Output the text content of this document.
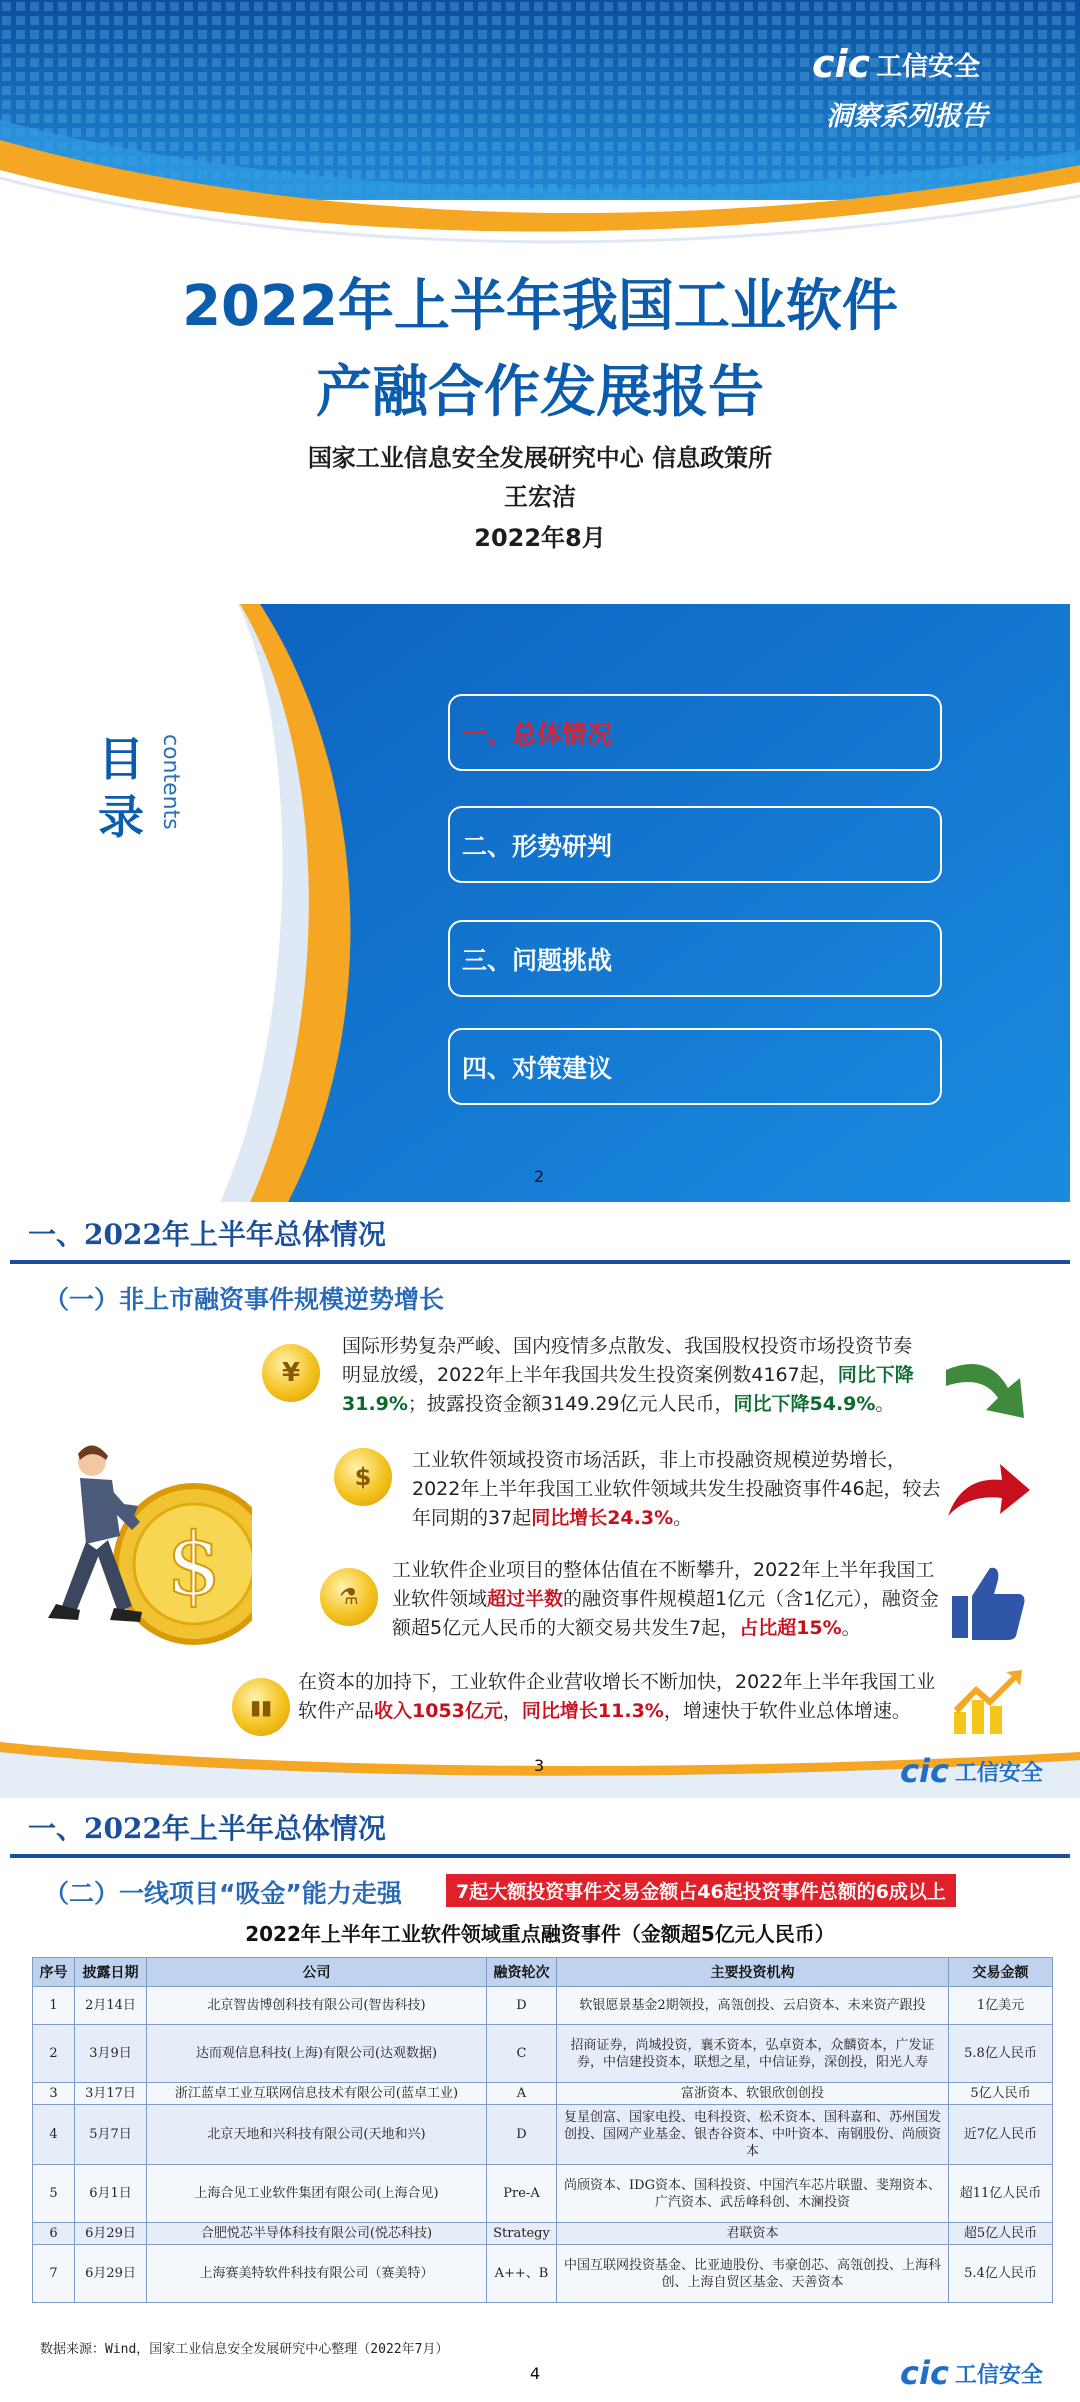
cic 工信安全
洞察系列报告
2022年上半年我国工业软件
产融合作发展报告
国家工业信息安全发展研究中心 信息政策所
王宏洁
2022年8月
目录 contents	一、总体情况
二、形势研判
三、问题挑战
四、对策建议
2
一、2022年上半年总体情况
（一）非上市融资事件规模逆势增长
$
¥
国际形势复杂严峻、国内疫情多点散发、我国股权投资市场投资节奏明显放缓，2022年上半年我国共发生投资案例数4167起，同比下降31.9%；披露投资金额3149.29亿元人民币，同比下降54.9%。
$
工业软件领域投资市场活跃，非上市投融资规模逆势增长，2022年上半年我国工业软件领域共发生投融资事件46起，较去年同期的37起同比增长24.3%。
⚗
工业软件企业项目的整体估值在不断攀升，2022年上半年我国工业软件领域超过半数的融资事件规模超1亿元（含1亿元），融资金额超5亿元人民币的大额交易共发生7起，占比超15%。
▮▮
在资本的加持下，工业软件企业营收增长不断加快，2022年上半年我国工业软件产品收入1053亿元，同比增长11.3%，增速快于软件业总体增速。
3	cic 工信安全
一、2022年上半年总体情况
（二）一线项目“吸金”能力走强	7起大额投资事件交易金额占46起投资事件总额的6成以上
2022年上半年工业软件领域重点融资事件（金额超5亿元人民币）
序号	披露日期	公司	融资轮次	主要投资机构	交易金额
1	2月14日	北京智齿博创科技有限公司(智齿科技)	D	软银愿景基金2期领投，高瓴创投、云启资本、未来资产跟投	1亿美元
2	3月9日	达而观信息科技(上海)有限公司(达观数据)	C	招商证券，尚城投资，襄禾资本，弘卓资本，众麟资本，广发证券，中信建投资本，联想之星，中信证券，深创投，阳光人寿	5.8亿人民币
3	3月17日	浙江蓝卓工业互联网信息技术有限公司(蓝卓工业)	A	富浙资本、软银欣创创投	5亿人民币
4	5月7日	北京天地和兴科技有限公司(天地和兴)	D	复星创富、国家电投、电科投资、松禾资本、国科嘉和、苏州国发创投、国网产业基金、银杏谷资本、中叶资本、南钢股份、尚颀资本	近7亿人民币
5	6月1日	上海合见工业软件集团有限公司(上海合见)	Pre-A	尚颀资本、IDG资本、国科投资、中国汽车芯片联盟、斐翔资本、广汽资本、武岳峰科创、木澜投资	超11亿人民币
6	6月29日	合肥悦芯半导体科技有限公司(悦芯科技)	Strategy	君联资本	超5亿人民币
7	6月29日	上海赛美特软件科技有限公司（赛美特）	A++、B	中国互联网投资基金、比亚迪股份、韦豪创芯、高瓴创投、上海科创、上海自贸区基金、天善资本	5.4亿人民币
数据来源：Wind，国家工业信息安全发展研究中心整理（2022年7月）
4	cic 工信安全
